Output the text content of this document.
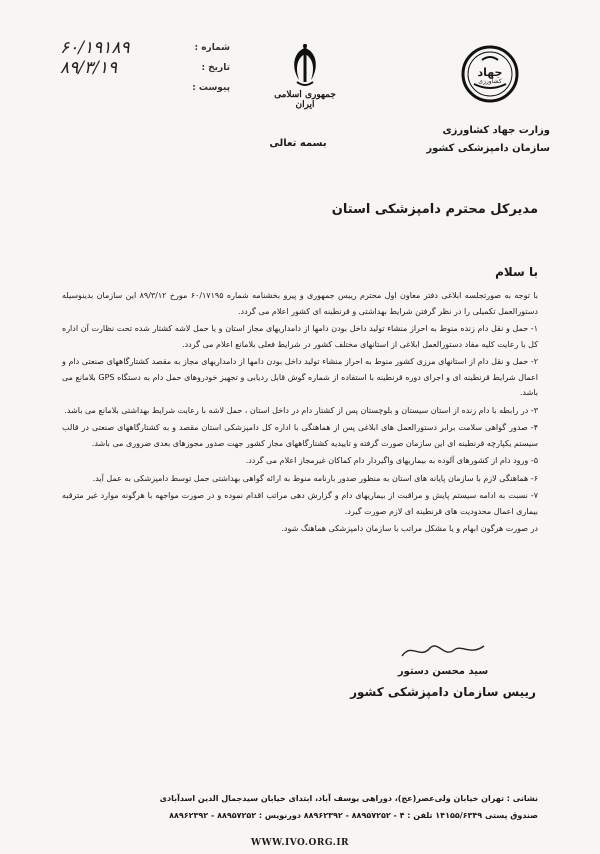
شماره :
۶۰/۱۹۱۸۹
تاریخ :
۸۹/۳/۱۹
پیوست :
جمهوری اسلامی ایران
بسمه تعالی
جهاد
کشاورزی
وزارت جهاد کشاورزی
سازمان دامپزشکی کشور
مدیرکل محترم دامپزشکی استان
با سلام

با توجه به صورتجلسه ابلاغی دفتر معاون اول محترم رییس جمهوری و پیرو بخشنامه شماره ۶۰/۱۷۱۹۵ مورخ ۸۹/۳/۱۲ این سازمان بدینوسیله دستورالعمل تکمیلی را در نظر گرفتن شرایط بهداشتی و قرنطینه ای کشور اعلام می گردد.

۱- حمل و نقل دام زنده منوط به احراز منشاء تولید داخل بودن دامها از دامداریهای مجاز استان و یا حمل لاشه کشتار شده تحت نظارت آن اداره کل با رعایت کلیه مفاد دستورالعمل ابلاغی از استانهای مختلف کشور در شرایط فعلی بلامانع اعلام می گردد.

۲- حمل و نقل دام از استانهای مرزی کشور منوط به احراز منشاء تولید داخل بودن دامها از دامداریهای مجاز به مقصد کشتارگاههای صنعتی دام و اعمال شرایط قرنطینه ای و اجرای دوره قرنطینه با استفاده از شماره گوش قابل ردیابی و تجهیز خودروهای حمل دام به دستگاه GPS بلامانع می باشد.

۳- در رابطه با دام زنده از استان سیستان و بلوچستان پس از کشتار دام در داخل استان ، حمل لاشه با رعایت شرایط بهداشتی بلامانع می باشد.

۴- صدور گواهی سلامت برابر دستورالعمل های ابلاغی پس از هماهنگی با اداره کل دامپزشکی استان مقصد و به کشتارگاههای صنعتی در قالب سیستم یکپارچه قرنطینه ای این سازمان صورت گرفته و تاییدیه کشتارگاههای مجاز کشور جهت صدور مجوزهای بعدی ضروری می باشد.

۵- ورود دام از کشورهای آلوده به بیماریهای واگیردار دام کماکان غیرمجاز اعلام می گردد.

۶- هماهنگی لازم با سازمان پایانه های استان به منظور صدور بارنامه منوط به ارائه گواهی بهداشتی حمل توسط دامپزشکی به عمل آید.

۷- نسبت به ادامه سیستم پایش و مراقبت از بیماریهای دام و گزارش دهی مراتب اقدام نموده و در صورت مواجهه با هرگونه موارد غیر مترقبه بیماری اعمال محدودیت های قرنطینه ای لازم صورت گیرد.

در صورت هرگون ابهام و یا مشکل مراتب با سازمان دامپزشکی هماهنگ شود.

سید محسن دستور
رییس سازمان دامپزشکی کشور
نشانی : تهران خیابان ولی‌عصر(عج)، دوراهی یوسف آباد، ابتدای خیابان سیدجمال الدین اسدآبادی
صندوق پستی ۱۴۱۵۵/۶۳۴۹ تلفن : ۴ - ۸۸۹۵۷۲۵۲ - ۸۸۹۶۲۳۹۲ دورنویس : ۸۸۹۵۷۲۵۲ - ۸۸۹۶۲۳۹۲
WWW.IVO.ORG.IR
